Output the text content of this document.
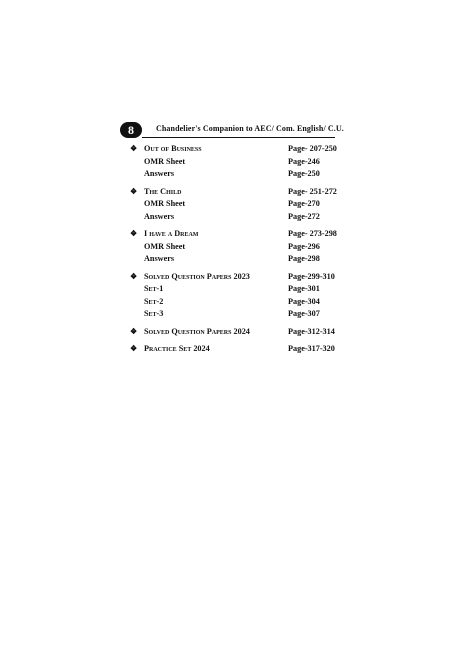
8	Chandelier's Companion to AEC/ Com. English/ C.U.
❖ Out of Business	Page- 207-250
OMR Sheet	Page-246
Answers	Page-250
❖ The Child	Page- 251-272
OMR Sheet	Page-270
Answers	Page-272
❖ I have a Dream	Page- 273-298
OMR Sheet	Page-296
Answers	Page-298
❖ Solved Question Papers 2023	Page-299-310
Set-1	Page-301
Set-2	Page-304
Set-3	Page-307
❖ Solved Question Papers 2024	Page-312-314
❖ Practice Set 2024	Page-317-320
